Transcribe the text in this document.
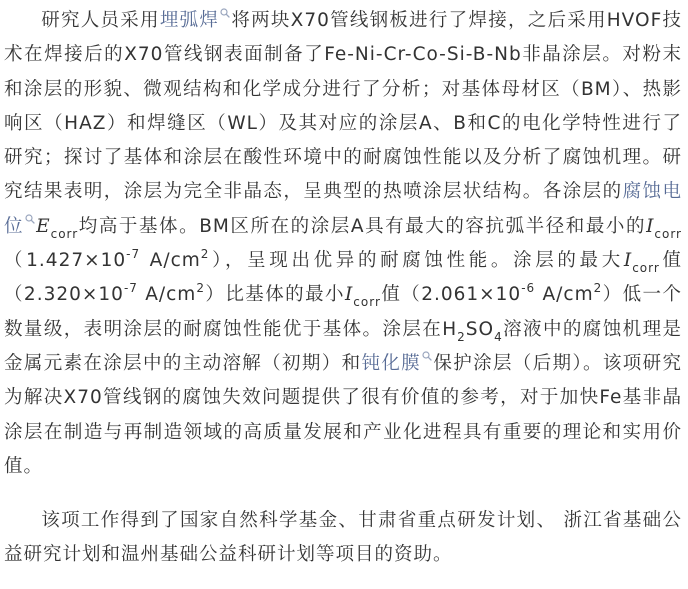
研究人员采用埋弧焊 将两块X70管线钢板进行了焊接，之后采用HVOF技术在焊接后的X70管线钢表面制备了Fe-Ni-Cr-Co-Si-B-Nb非晶涂层。对粉末和涂层的形貌、微观结构和化学成分进行了分析；对基体母材区（BM）、热影响区（HAZ）和焊缝区（WL）及其对应的涂层A、B和C的电化学特性进行了研究；探讨了基体和涂层在酸性环境中的耐腐蚀性能以及分析了腐蚀机理。研究结果表明，涂层为完全非晶态，呈典型的热喷涂层状结构。各涂层的腐蚀电位 $E_{corr}$均高于基体。BM区所在的涂层A具有最大的容抗弧半径和最小的$I_{corr}(1.427\times 10^{-7}$ $A/cm^2$），呈现出优异的耐腐蚀性能。涂层的最大$I_{corr}$值（$2.320\times 10^{-7}$ $A/cm^2$）比基体的最小$I_{corr}$值（$2.061\times 10^{-6}$ $A/cm^2$）低一个数量级，表明涂层的耐腐蚀性能优于基体。涂层在$H_2SO_4$溶液中的腐蚀机理是金属元素在涂层中的主动溶解（初期）和钝化膜 保护涂层（后期）。该项研究为解决X70管线钢的腐蚀失效问题提供了很有价值的参考，对于加快Fe基非晶涂层在制造与再制造领域的高质量发展和产业化进程具有重要的理论和实用价值。

该项工作得到了国家自然科学基金、甘肃省重点研发计划、 浙江省基础公益研究计划和温州基础公益科研计划等项目的资助。
